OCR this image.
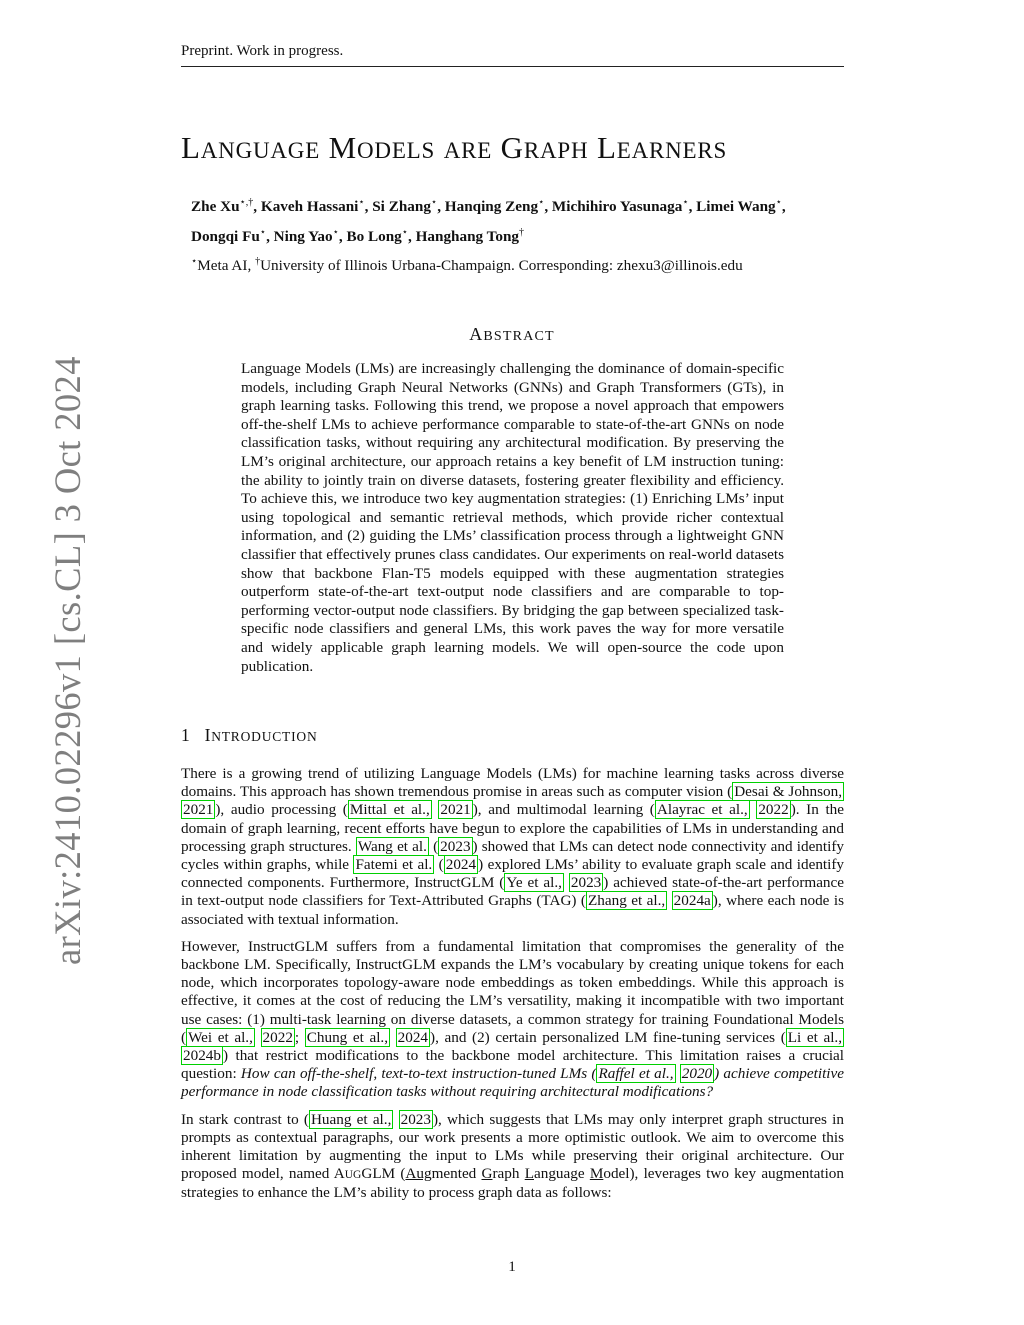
Preprint. Work in progress.
arXiv:2410.02296v1 [cs.CL] 3 Oct 2024
LANGUAGE MODELS ARE GRAPH LEARNERS
Zhe Xu⋆,†, Kaveh Hassani⋆, Si Zhang⋆, Hanqing Zeng⋆, Michihiro Yasunaga⋆, Limei Wang⋆,
Dongqi Fu⋆, Ning Yao⋆, Bo Long⋆, Hanghang Tong†
⋆Meta AI, †University of Illinois Urbana-Champaign. Corresponding: zhexu3@illinois.edu
ABSTRACT
Language Models (LMs) are increasingly challenging the dominance of domain-specific models, including Graph Neural Networks (GNNs) and Graph Transformers (GTs), in graph learning tasks. Following this trend, we propose a novel approach that empowers off-the-shelf LMs to achieve performance comparable to state-of-the-art GNNs on node classification tasks, without requiring any architectural modification. By preserving the LM’s original architecture, our approach retains a key benefit of LM instruction tuning: the ability to jointly train on diverse datasets, fostering greater flexibility and efficiency. To achieve this, we introduce two key augmentation strategies: (1) Enriching LMs’ input using topological and semantic retrieval methods, which provide richer contextual information, and (2) guiding the LMs’ classification process through a lightweight GNN classifier that effectively prunes class candidates. Our experiments on real-world datasets show that backbone Flan-T5 models equipped with these augmentation strategies outperform state-of-the-art text-output node classifiers and are comparable to top-performing vector-output node classifiers. By bridging the gap between specialized task-specific node classifiers and general LMs, this work paves the way for more versatile and widely applicable graph learning models. We will open-source the code upon publication.
1 INTRODUCTION

There is a growing trend of utilizing Language Models (LMs) for machine learning tasks across diverse domains. This approach has shown tremendous promise in areas such as computer vision ( Desai & Johnson, 2021 ), audio processing ( Mittal et al., 2021 ), and multimodal learning ( Alayrac et al., 2022 ). In the domain of graph learning, recent efforts have begun to explore the capabilities of LMs in understanding and processing graph structures. Wang et al. ( 2023 ) showed that LMs can detect node connectivity and identify cycles within graphs, while Fatemi et al. ( 2024 ) explored LMs’ ability to evaluate graph scale and identify connected components. Furthermore, InstructGLM ( Ye et al., 2023 ) achieved state-of-the-art performance in text-output node classifiers for Text-Attributed Graphs (TAG) ( Zhang et al., 2024a ), where each node is associated with textual information.

However, InstructGLM suffers from a fundamental limitation that compromises the generality of the backbone LM. Specifically, InstructGLM expands the LM’s vocabulary by creating unique tokens for each node, which incorporates topology-aware node embeddings as token embeddings. While this approach is effective, it comes at the cost of reducing the LM’s versatility, making it incompatible with two important use cases: (1) multi-task learning on diverse datasets, a common strategy for training Foundational Models ( Wei et al., 2022 ; Chung et al., 2024 ), and (2) certain personalized LM fine-tuning services ( Li et al., 2024b ) that restrict modifications to the backbone model architecture. This limitation raises a crucial question: How can off-the-shelf, text-to-text instruction-tuned LMs ( Raffel et al., 2020 ) achieve competitive performance in node classification tasks without requiring architectural modifications?

In stark contrast to ( Huang et al., 2023 ), which suggests that LMs may only interpret graph structures in prompts as contextual paragraphs, our work presents a more optimistic outlook. We aim to overcome this inherent limitation by augmenting the input to LMs while preserving their original architecture. Our proposed model, named AUGGLM (Augmented Graph Language Model), leverages two key augmentation strategies to enhance the LM’s ability to process graph data as follows:

1
